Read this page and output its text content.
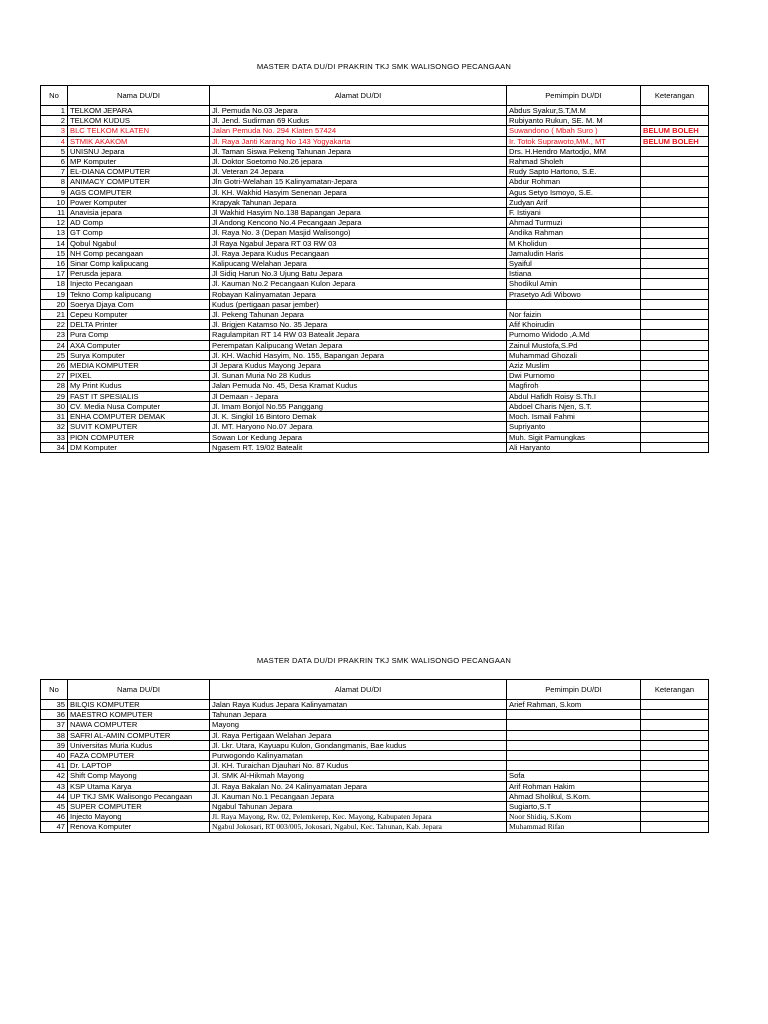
MASTER DATA DU/DI PRAKRIN TKJ SMK WALISONGO PECANGAAN
No	Nama DU/DI	Alamat DU/DI	Pemimpin DU/DI	Keterangan
1	TELKOM JEPARA	Jl. Pemuda No.03 Jepara	Abdus Syakur,S.T,M.M	
2	TELKOM KUDUS	Jl. Jend. Sudirman 69 Kudus	Rubiyanto Rukun, SE. M. M	
3	BLC TELKOM KLATEN	Jalan Pemuda No. 294 Klaten 57424	Suwandono ( Mbah Suro )	BELUM BOLEH
4	STMIK AKAKOM	Jl. Raya Janti Karang No 143 Yogyakarta	Ir. Totok Suprawoto,MM., MT	BELUM BOLEH
5	UNISNU Jepara	Jl. Taman Siswa Pekeng Tahunan Jepara	Drs. H.Hendro Martodjo, MM	
6	MP Komputer	Jl. Doktor Soetomo No.26 jepara	Rahmad Sholeh	
7	EL-DIANA COMPUTER	Jl. Veteran 24 Jepara	Rudy Sapto Hartono, S.E.	
8	ANIMACY COMPUTER	Jln Gotri-Welahan 15 Kalinyamatan-Jepara	Abdur Rohman	
9	AGS COMPUTER	Jl. KH. Wakhid Hasyim Senenan Jepara	Agus Setyo Ismoyo, S.E.	
10	Power Komputer	Krapyak Tahunan Jepara	Zudyan Arif	
11	Anavisia jepara	Jl Wakhid Hasyim No.138 Bapangan Jepara	F. Istiyani	
12	AD Comp	Jl Andong Kencono No.4 Pecangaan Jepara	Ahmad Turmuzi	
13	GT Comp	Jl. Raya No. 3 (Depan Masjid Walisongo)	Andika Rahman	
14	Qobul Ngabul	Jl Raya Ngabul Jepara RT 03 RW 03	M Kholidun	
15	NH Comp pecangaan	Jl. Raya Jepara Kudus Pecangaan	Jamaludin Haris	
16	Sinar Comp kalipucang	Kalipucang Welahan Jepara	Syaiful	
17	Perusda jepara	Jl Sidiq Harun No.3 Ujung Batu Jepara	Istiana	
18	Injecto Pecangaan	Jl. Kauman No.2 Pecangaan Kulon Jepara	Shodikul Amin	
19	Tekno Comp kalipucang	Robayan Kalinyamatan Jepara	Prasetyo Adi Wibowo	
20	Soerya Djaya Com	Kudus (pertigaan pasar jember)		
21	Cepeu Komputer	Jl. Pekeng Tahunan Jepara	Nor faizin	
22	DELTA Printer	Jl. Brigjen Katamso No. 35 Jepara	Afif Khoirudin	
23	Pura Comp	Ragulampitan RT 14 RW 03 Batealit Jepara	Purnomo Widodo ,A.Md	
24	AXA Computer	Perempatan Kalipucang Wetan Jepara	Zainul Mustofa,S.Pd	
25	Surya Komputer	Jl. KH. Wachid Hasyim, No. 155, Bapangan Jepara	Muhammad Ghozali	
26	MEDIA KOMPUTER	Jl Jepara Kudus Mayong Jepara	Aziz Muslim	
27	PIXEL	Jl. Sunan Muria No 28 Kudus	Dwi Purnomo	
28	My Print Kudus	Jalan Pemuda No. 45, Desa Kramat Kudus	Magfiroh	
29	FAST IT SPESIALIS	Jl Demaan - Jepara	Abdul Hafidh Roisy S.Th.I	
30	CV. Media Nusa Computer	Jl. Imam Bonjol No.55 Panggang	Abdoel Charis Njen, S.T.	
31	ENHA COMPUTER DEMAK	Jl. K. Singkil 16 Bintoro Demak	Moch. Ismail Fahmi	
32	SUVIT KOMPUTER	Jl. MT. Haryono No.07 Jepara	Supriyanto	
33	PION COMPUTER	Sowan Lor Kedung Jepara	Muh. Sigit Pamungkas	
34	DM Komputer	Ngasem RT. 19/02 Batealit	Ali Haryanto	
MASTER DATA DU/DI PRAKRIN TKJ SMK WALISONGO PECANGAAN
No	Nama DU/DI	Alamat DU/DI	Pemimpin DU/DI	Keterangan
35	BILQIS KOMPUTER	Jalan Raya Kudus Jepara Kalinyamatan	Arief Rahman, S.kom	
36	MAESTRO KOMPUTER	Tahunan Jepara		
37	NAWA COMPUTER	Mayong		
38	SAFRI AL-AMIN COMPUTER	Jl. Raya Pertigaan Welahan Jepara		
39	Universitas Muria Kudus	Jl. Lkr. Utara, Kayuapu Kulon, Gondangmanis, Bae kudus		
40	FAZA COMPUTER	Purwogondo Kalinyamatan		
41	Dr. LAPTOP	Jl. KH. Turaichan Djauhari No. 87 Kudus		
42	Shift Comp Mayong	Jl. SMK Al-Hikmah Mayong	Sofa	
43	KSP Utama Karya	Jl. Raya Bakalan No. 24 Kalinyamatan Jepara	Arif Rohman Hakim	
44	UP TKJ SMK Walisongo Pecangaan	Jl. Kauman No.1 Pecangaan Jepara	Ahmad Sholikul, S.Kom.	
45	SUPER COMPUTER	Ngabul Tahunan Jepara	Sugiarto,S.T	
46	Injecto Mayong	Jl. Raya Mayong, Rw. 02, Pelemkerep, Kec. Mayong, Kabupaten Jepara	Noor Shidiq, S.Kom	
47	Renova Komputer	Ngabul Jokosari, RT 003/005, Jokosari, Ngabul, Kec. Tahunan, Kab. Jepara	Muhammad Rifan	
